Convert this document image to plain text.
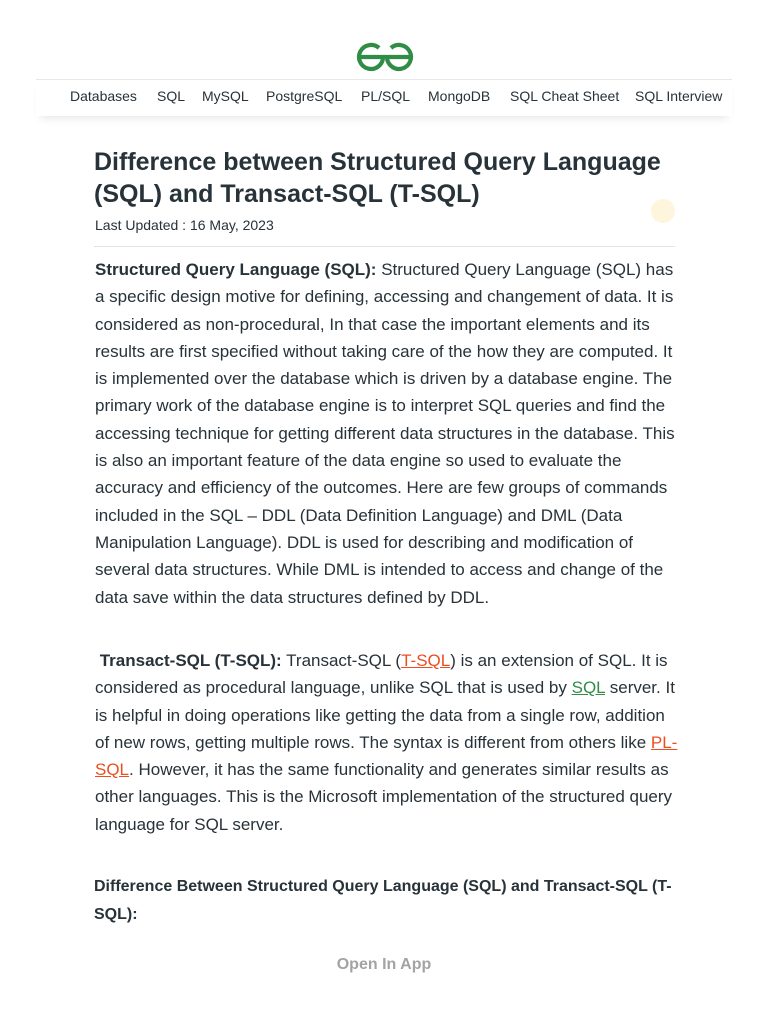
Databases SQL MySQL PostgreSQL PL/SQL MongoDB SQL Cheat Sheet SQL Interview
Difference between Structured Query Language (SQL) and Transact-SQL (T-SQL)
Last Updated : 16 May, 2023

Structured Query Language (SQL): Structured Query Language (SQL) has a specific design motive for defining, accessing and changement of data. It is considered as non-procedural, In that case the important elements and its results are first specified without taking care of the how they are computed. It is implemented over the database which is driven by a database engine. The primary work of the database engine is to interpret SQL queries and find the accessing technique for getting different data structures in the database. This is also an important feature of the data engine so used to evaluate the accuracy and efficiency of the outcomes. Here are few groups of commands included in the SQL – DDL (Data Definition Language) and DML (Data Manipulation Language). DDL is used for describing and modification of several data structures. While DML is intended to access and change of the data save within the data structures defined by DDL.

Transact-SQL (T-SQL): Transact-SQL (T-SQL) is an extension of SQL. It is considered as procedural language, unlike SQL that is used by SQL server. It is helpful in doing operations like getting the data from a single row, addition of new rows, getting multiple rows. The syntax is different from others like PL-SQL. However, it has the same functionality and generates similar results as other languages. This is the Microsoft implementation of the structured query language for SQL server.

Difference Between Structured Query Language (SQL) and Transact-SQL (T-SQL):
Open In App
